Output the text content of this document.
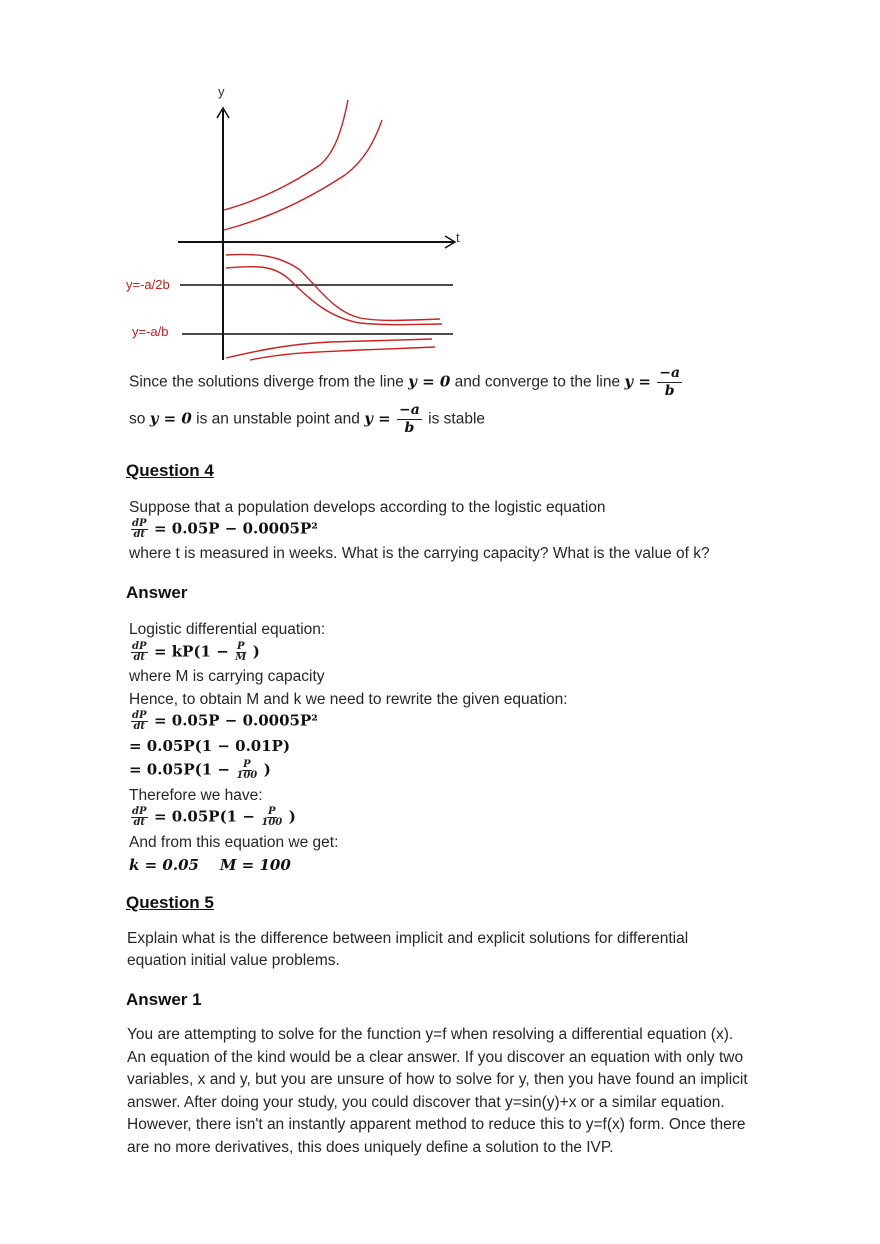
y
t
y=-a/2b
y=-a/b
Since the solutions diverge from the line y = 0 and converge to the line $y = \frac{-a}{b}$
so y = 0 is an unstable point and $y = \frac{-a}{b}$ is stable
Question 4
Suppose that a population develops according to the logistic equation
$\frac{dP}{dt} = 0.05P - 0.0005P^2$
where t is measured in weeks. What is the carrying capacity? What is the value of k?
Answer
Logistic differential equation:
$\frac{dP}{dt} = kP(1 - \frac{P}{M}$ )
where M is carrying capacity
Hence, to obtain M and k we need to rewrite the given equation:
$\frac{dP}{dt} = 0.05P - 0.0005P^2$
= 0.05P(1 − 0.01P)
= $0.05P(1 - \frac{P}{100}$ )
Therefore we have:
$\frac{dP}{dt} = 0.05P(1 - \frac{P}{100}$ )
And from this equation we get:
k = 0.05    M = 100
Question 5
Explain what is the difference between implicit and explicit solutions for differential
equation initial value problems.
Answer 1
You are attempting to solve for the function y=f when resolving a differential equation (x).
An equation of the kind would be a clear answer. If you discover an equation with only two
variables, x and y, but you are unsure of how to solve for y, then you have found an implicit
answer. After doing your study, you could discover that y=sin(y)+x or a similar equation.
However, there isn't an instantly apparent method to reduce this to y=f(x) form. Once there
are no more derivatives, this does uniquely define a solution to the IVP.
